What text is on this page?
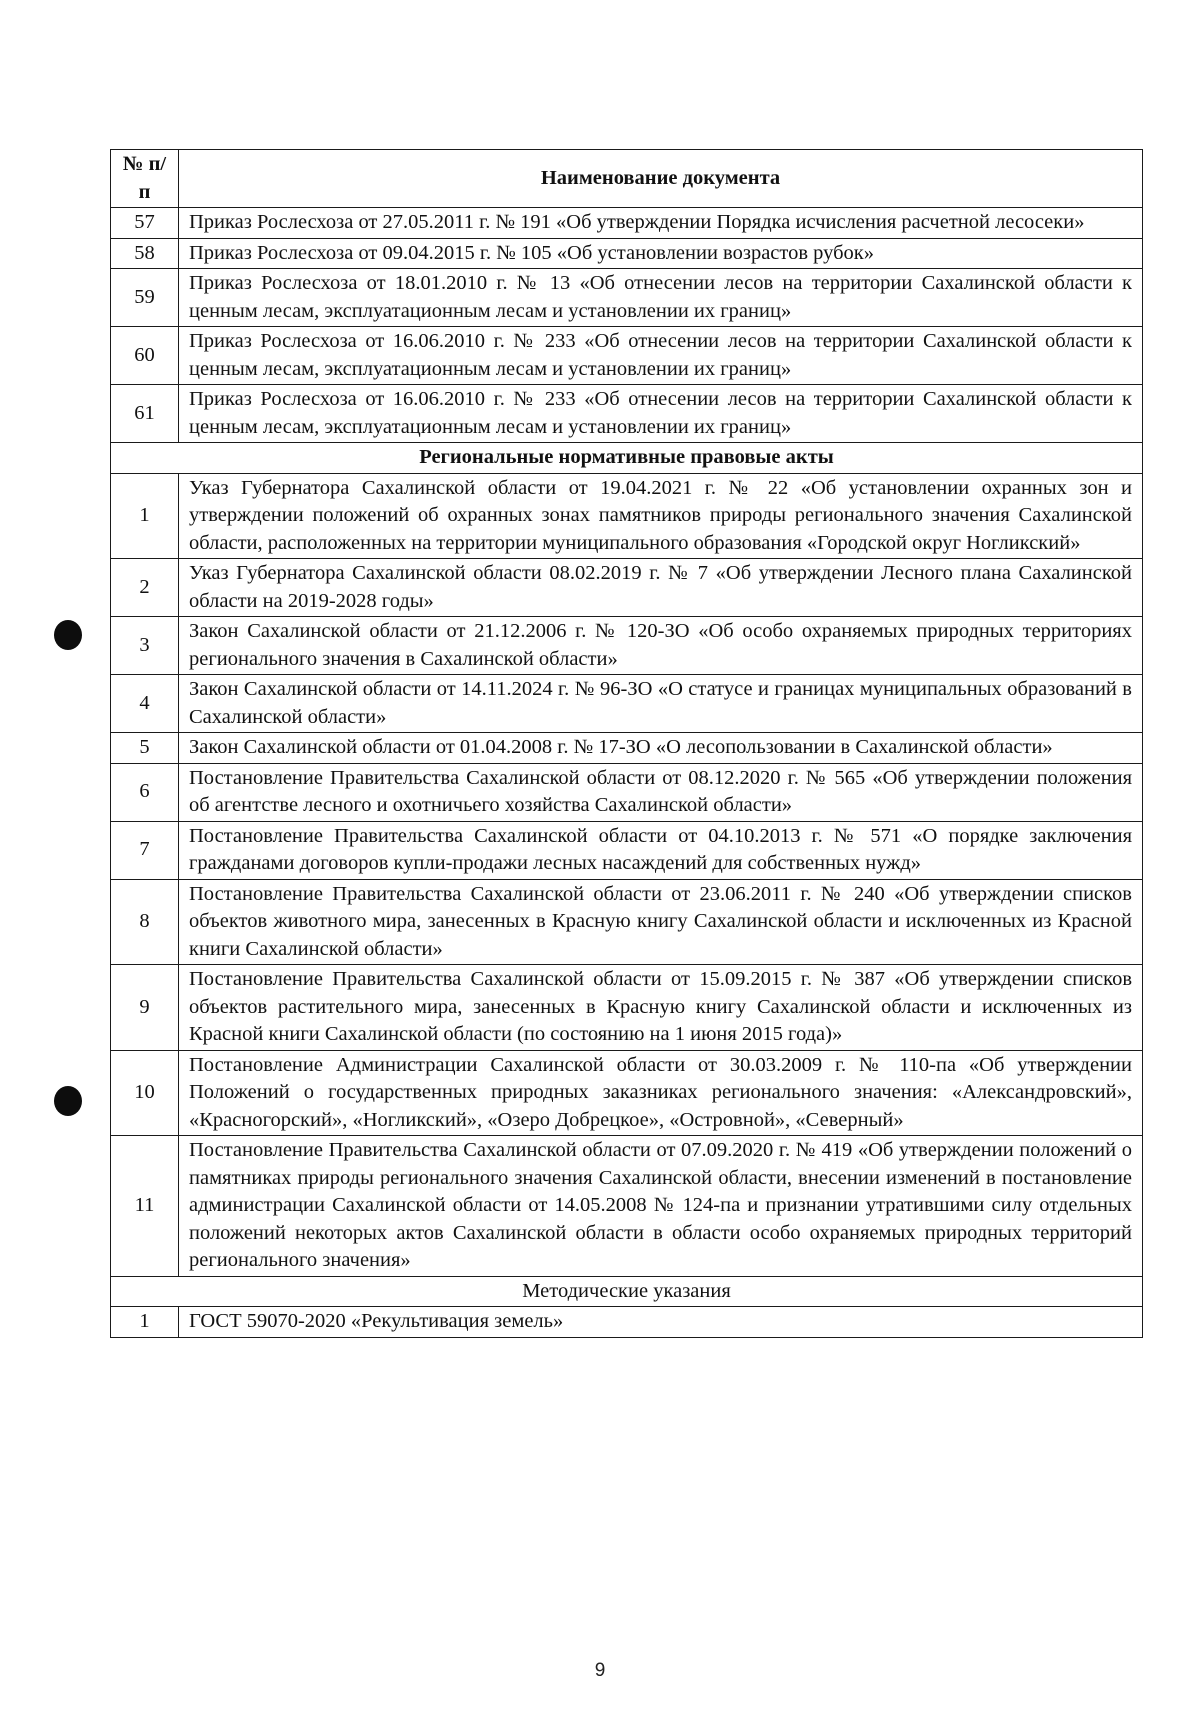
№ п/п	Наименование документа
57	Приказ Рослесхоза от 27.05.2011 г. № 191 «Об утверждении Порядка исчисления расчетной лесосеки»
58	Приказ Рослесхоза от 09.04.2015 г. № 105 «Об установлении возрастов рубок»
59	Приказ Рослесхоза от 18.01.2010 г. № 13 «Об отнесении лесов на территории Сахалинской области к ценным лесам, эксплуатационным лесам и установлении их границ»
60	Приказ Рослесхоза от 16.06.2010 г. № 233 «Об отнесении лесов на территории Сахалинской области к ценным лесам, эксплуатационным лесам и установлении их границ»
61	Приказ Рослесхоза от 16.06.2010 г. № 233 «Об отнесении лесов на территории Сахалинской области к ценным лесам, эксплуатационным лесам и установлении их границ»
Региональные нормативные правовые акты	
1	Указ Губернатора Сахалинской области от 19.04.2021 г. № 22 «Об установлении охранных зон и утверждении положений об охранных зонах памятников природы регионального значения Сахалинской области, расположенных на территории муниципального образования «Городской округ Ногликский»
2	Указ Губернатора Сахалинской области 08.02.2019 г. № 7 «Об утверждении Лесного плана Сахалинской области на 2019-2028 годы»
3	Закон Сахалинской области от 21.12.2006 г. № 120-ЗО «Об особо охраняемых природных территориях регионального значения в Сахалинской области»
4	Закон Сахалинской области от 14.11.2024 г. № 96-ЗО «О статусе и границах муниципальных образований в Сахалинской области»
5	Закон Сахалинской области от 01.04.2008 г. № 17-ЗО «О лесопользовании в Сахалинской области»
6	Постановление Правительства Сахалинской области от 08.12.2020 г. № 565 «Об утверждении положения об агентстве лесного и охотничьего хозяйства Сахалинской области»
7	Постановление Правительства Сахалинской области от 04.10.2013 г. № 571 «О порядке заключения гражданами договоров купли-продажи лесных насаждений для собственных нужд»
8	Постановление Правительства Сахалинской области от 23.06.2011 г. № 240 «Об утверждении списков объектов животного мира, занесенных в Красную книгу Сахалинской области и исключенных из Красной книги Сахалинской области»
9	Постановление Правительства Сахалинской области от 15.09.2015 г. № 387 «Об утверждении списков объектов растительного мира, занесенных в Красную книгу Сахалинской области и исключенных из Красной книги Сахалинской области (по состоянию на 1 июня 2015 года)»
10	Постановление Администрации Сахалинской области от 30.03.2009 г. № 110-па «Об утверждении Положений о государственных природных заказниках регионального значения: «Александровский», «Красногорский», «Ногликский», «Озеро Добрецкое», «Островной», «Северный»
11	Постановление Правительства Сахалинской области от 07.09.2020 г. № 419 «Об утверждении положений о памятниках природы регионального значения Сахалинской области, внесении изменений в постановление администрации Сахалинской области от 14.05.2008 № 124-па и признании утратившими силу отдельных положений некоторых актов Сахалинской области в области особо охраняемых природных территорий регионального значения»
Методические указания	
1	ГОСТ 59070-2020 «Рекультивация земель»
9
